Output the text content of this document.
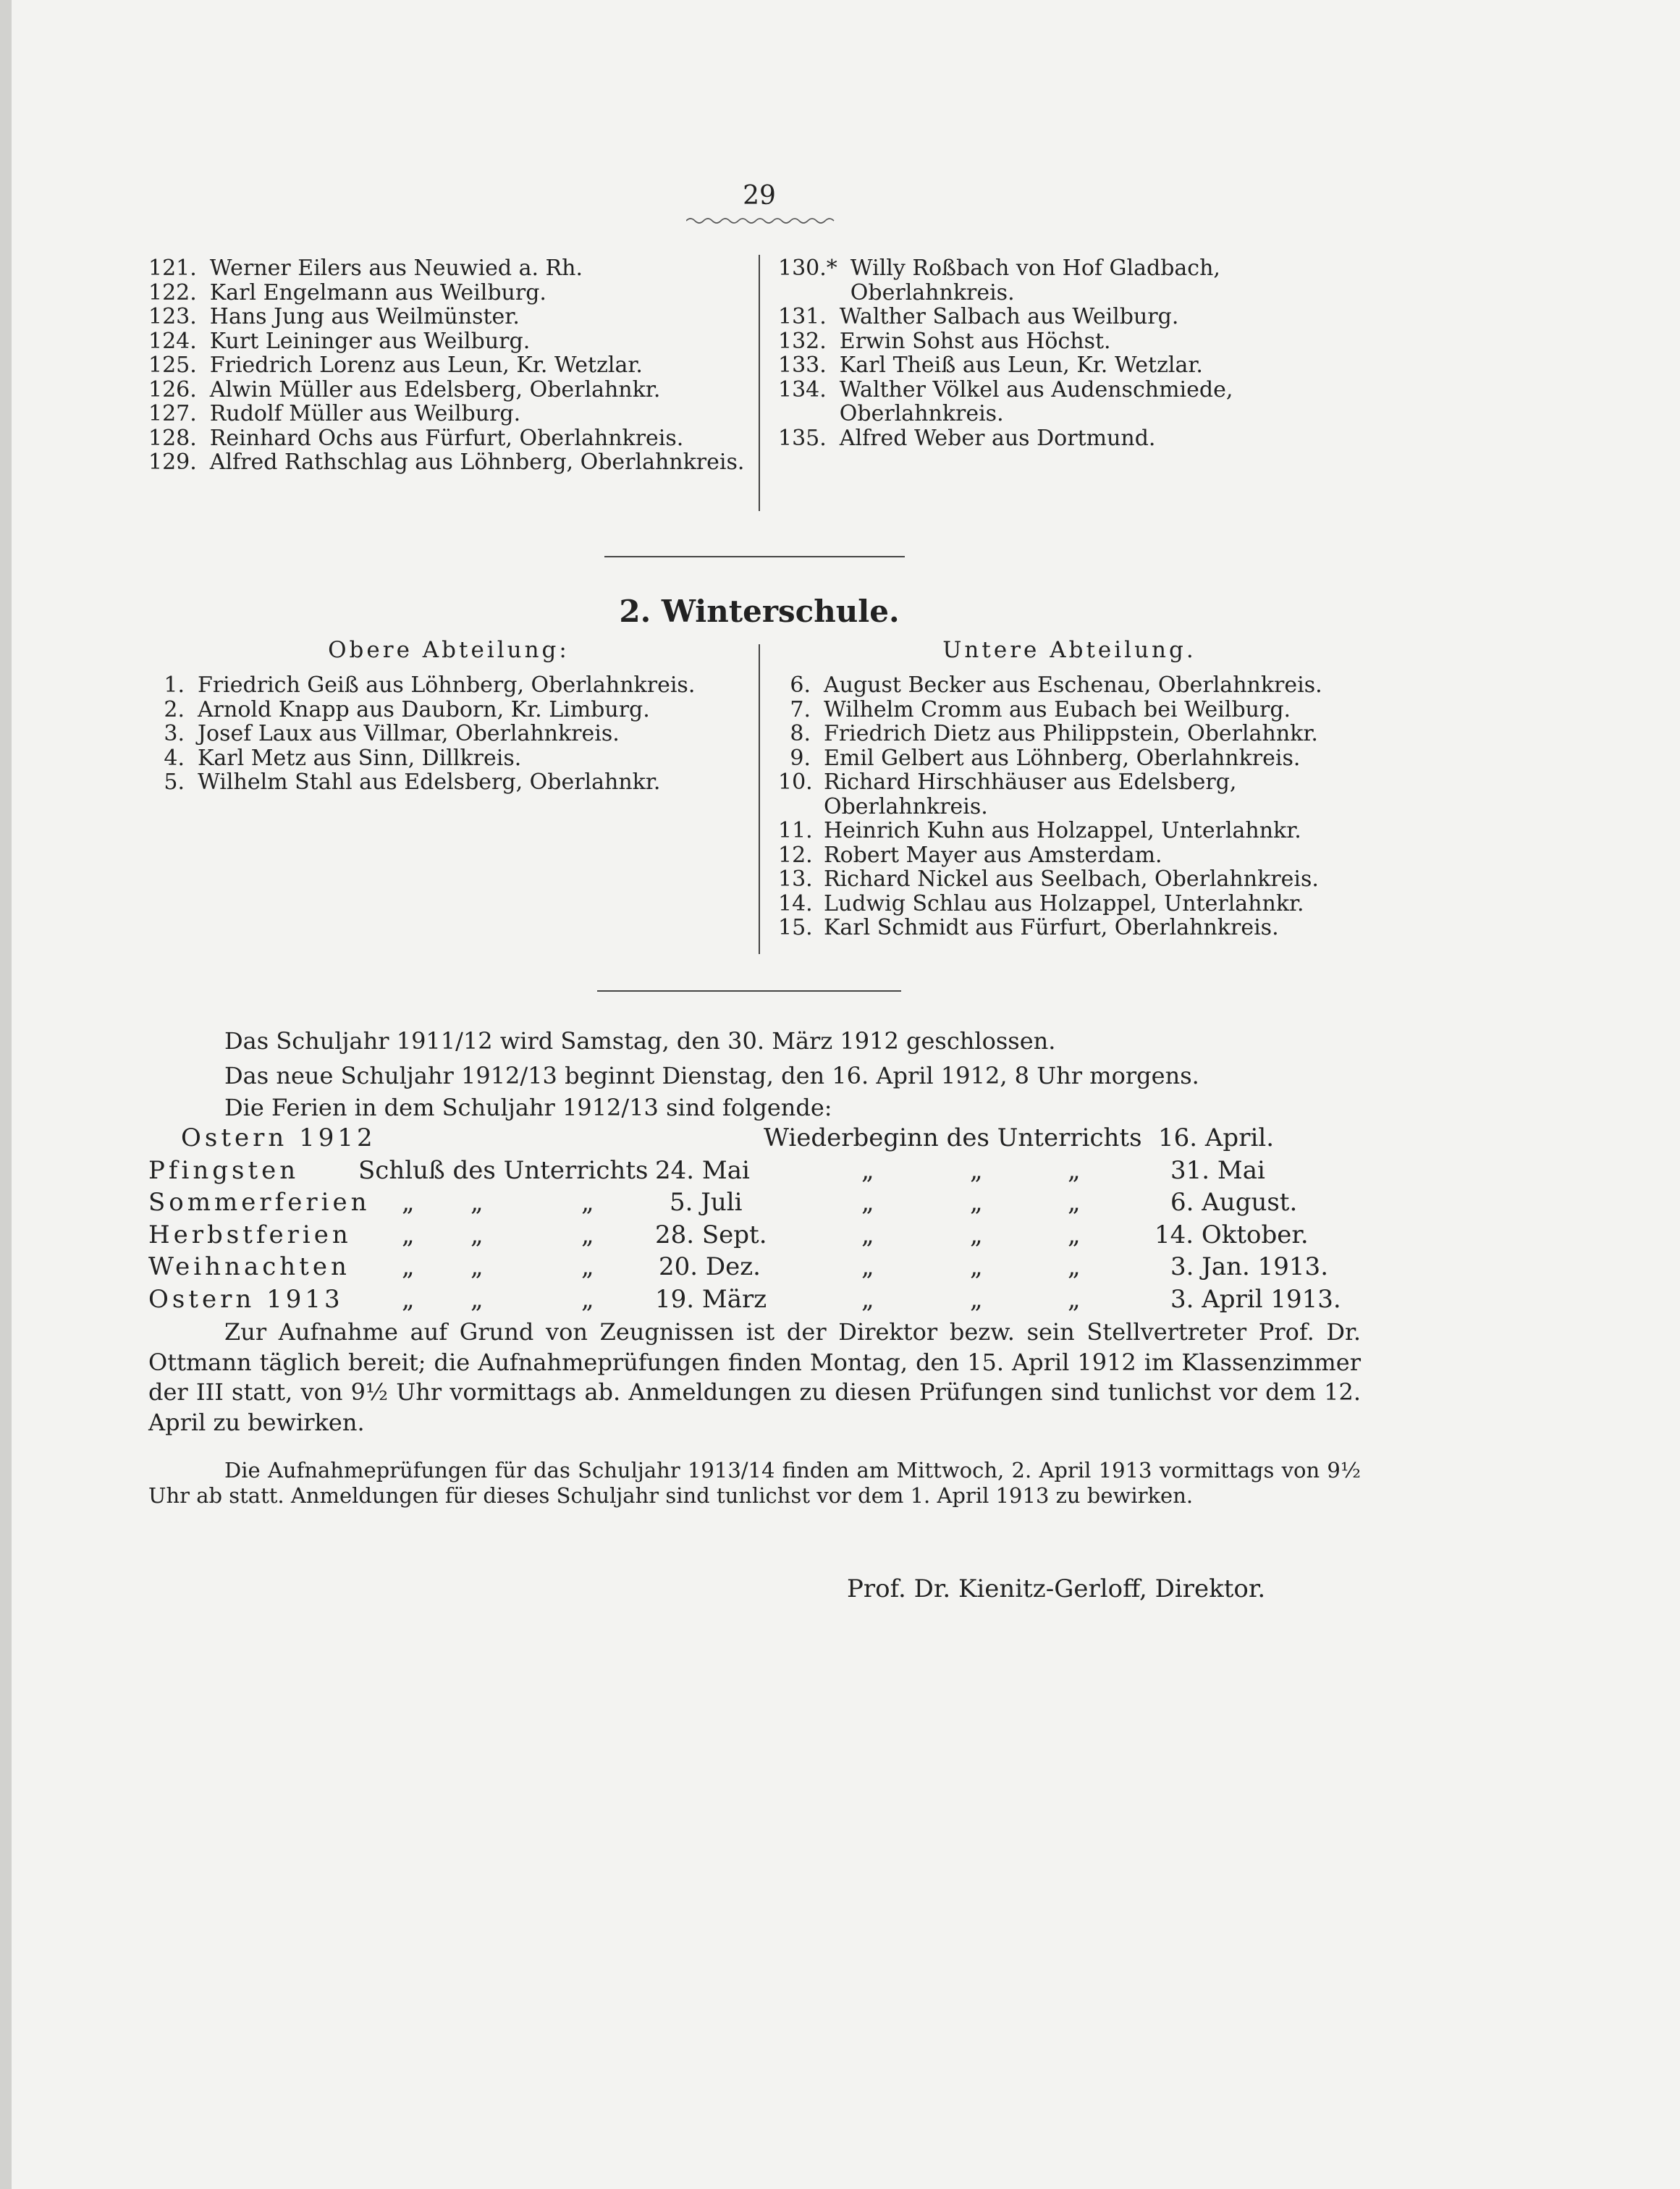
29
121. Werner Eilers aus Neuwied a. Rh.
122. Karl Engelmann aus Weilburg.
123. Hans Jung aus Weilmünster.
124. Kurt Leininger aus Weilburg.
125. Friedrich Lorenz aus Leun, Kr. Wetzlar.
126. Alwin Müller aus Edelsberg, Oberlahnkr.
127. Rudolf Müller aus Weilburg.
128. Reinhard Ochs aus Fürfurt, Oberlahnkreis.
129. Alfred Rathschlag aus Löhnberg, Oberlahnkreis.
130.* Willy Roßbach von Hof Gladbach, Oberlahnkreis.
131. Walther Salbach aus Weilburg.
132. Erwin Sohst aus Höchst.
133. Karl Theiß aus Leun, Kr. Wetzlar.
134. Walther Völkel aus Audenschmiede, Oberlahnkreis.
135. Alfred Weber aus Dortmund.
2. Winterschule.
Obere Abteilung:	Untere Abteilung.
1. Friedrich Geiß aus Löhnberg, Oberlahnkreis.
2. Arnold Knapp aus Dauborn, Kr. Limburg.
3. Josef Laux aus Villmar, Oberlahnkreis.
4. Karl Metz aus Sinn, Dillkreis.
5. Wilhelm Stahl aus Edelsberg, Oberlahnkr.
6. August Becker aus Eschenau, Oberlahnkreis.
7. Wilhelm Cromm aus Eubach bei Weilburg.
8. Friedrich Dietz aus Philippstein, Oberlahnkr.
9. Emil Gelbert aus Löhnberg, Oberlahnkreis.
10. Richard Hirschhäuser aus Edelsberg, Oberlahnkreis.
11. Heinrich Kuhn aus Holzappel, Unterlahnkr.
12. Robert Mayer aus Amsterdam.
13. Richard Nickel aus Seelbach, Oberlahnkreis.
14. Ludwig Schlau aus Holzappel, Unterlahnkr.
15. Karl Schmidt aus Fürfurt, Oberlahnkreis.
Das Schuljahr 1911/12 wird Samstag, den 30. März 1912 geschlossen.
Das neue Schuljahr 1912/13 beginnt Dienstag, den 16. April 1912, 8 Uhr morgens.
Die Ferien in dem Schuljahr 1912/13 sind folgende:
Ostern 1912	Wiederbeginn des Unterrichts 16. April.
Pfingsten Schluß des Unterrichts 24. Mai	„	„	„	31. Mai
Sommerferien „ „	„	5. Juli	„	„	„	6. August.
Herbstferien „ „	„ 28. Sept.	„	„	„	14. Oktober.
Weihnachten „ „	„	20. Dez.	„	„	„	3. Jan. 1913.
Ostern 1913 „ „	„ 19. März	„	„	„	3. April 1913.
Zur Aufnahme auf Grund von Zeugnissen ist der Direktor bezw. sein Stellvertreter Prof. Dr. Ottmann täglich bereit; die Aufnahmeprüfungen finden Montag, den 15. April 1912 im Klassenzimmer der III statt, von 9½ Uhr vormittags ab. Anmeldungen zu diesen Prüfungen sind tunlichst vor dem 12. April zu bewirken.
Die Aufnahmeprüfungen für das Schuljahr 1913/14 finden am Mittwoch, 2. April 1913 vormittags von 9½ Uhr ab statt. Anmeldungen für dieses Schuljahr sind tunlichst vor dem 1. April 1913 zu bewirken.
Prof. Dr. Kienitz-Gerloff, Direktor.
